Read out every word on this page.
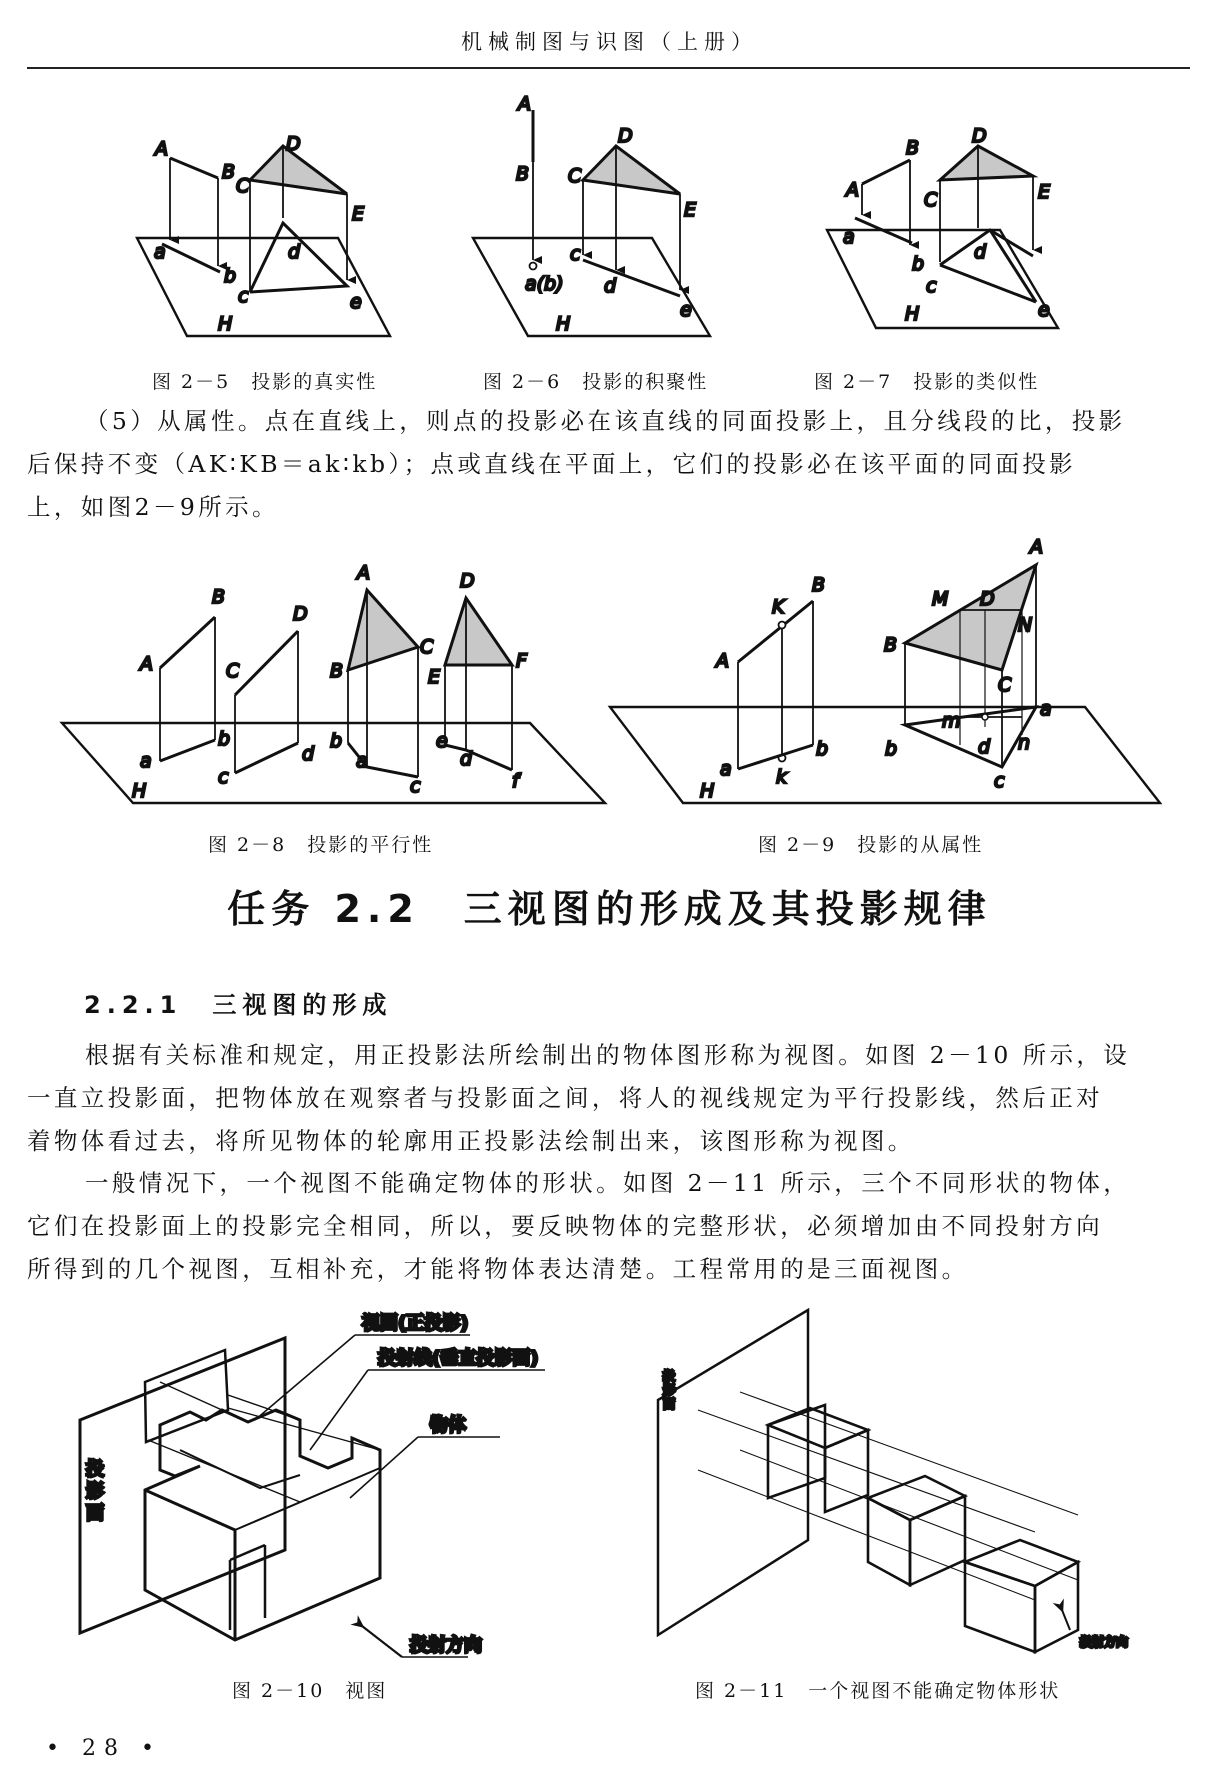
机械制图与识图（上册）
A
B
C
D
E
a
b
c
d
e
H
A
B C
D
E
a(b)
c
d
e
H
A
B
C
D
E
a
b
c
d
e
H
图 2－5　投影的真实性	图 2－6　投影的积聚性	图 2－7　投影的类似性
（5）从属性。点在直线上，则点的投影必在该直线的同面投影上，且分线段的比，投影
后保持不变（AK∶KB＝ak∶kb）；点或直线在平面上，它们的投影必在该平面的同面投影
上，如图2－9所示。
A
B
C
D
A
B
C
D
E
F
a
b
c
d
b
a
c
e
d
f
H
A
B
K
a k
b
A
M D
N
B
C
m
d n
a
b
c
H
图 2－8　投影的平行性	图 2－9　投影的从属性
任务 2.2　三视图的形成及其投影规律
2.2.1　三视图的形成
根据有关标准和规定，用正投影法所绘制出的物体图形称为视图。如图 2－10 所示，设
一直立投影面，把物体放在观察者与投影面之间，将人的视线规定为平行投影线，然后正对
着物体看过去，将所见物体的轮廓用正投影法绘制出来，该图形称为视图。
一般情况下，一个视图不能确定物体的形状。如图 2－11 所示，三个不同形状的物体，
它们在投影面上的投影完全相同，所以，要反映物体的完整形状，必须增加由不同投射方向
所得到的几个视图，互相补充，才能将物体表达清楚。工程常用的是三面视图。
视图(正投影)
投射线(垂直投影面)
物体
投射方向
投
影
面
投射方向
投
影
面
图 2－10　视图	图 2－11　一个视图不能确定物体形状
• 28 •
